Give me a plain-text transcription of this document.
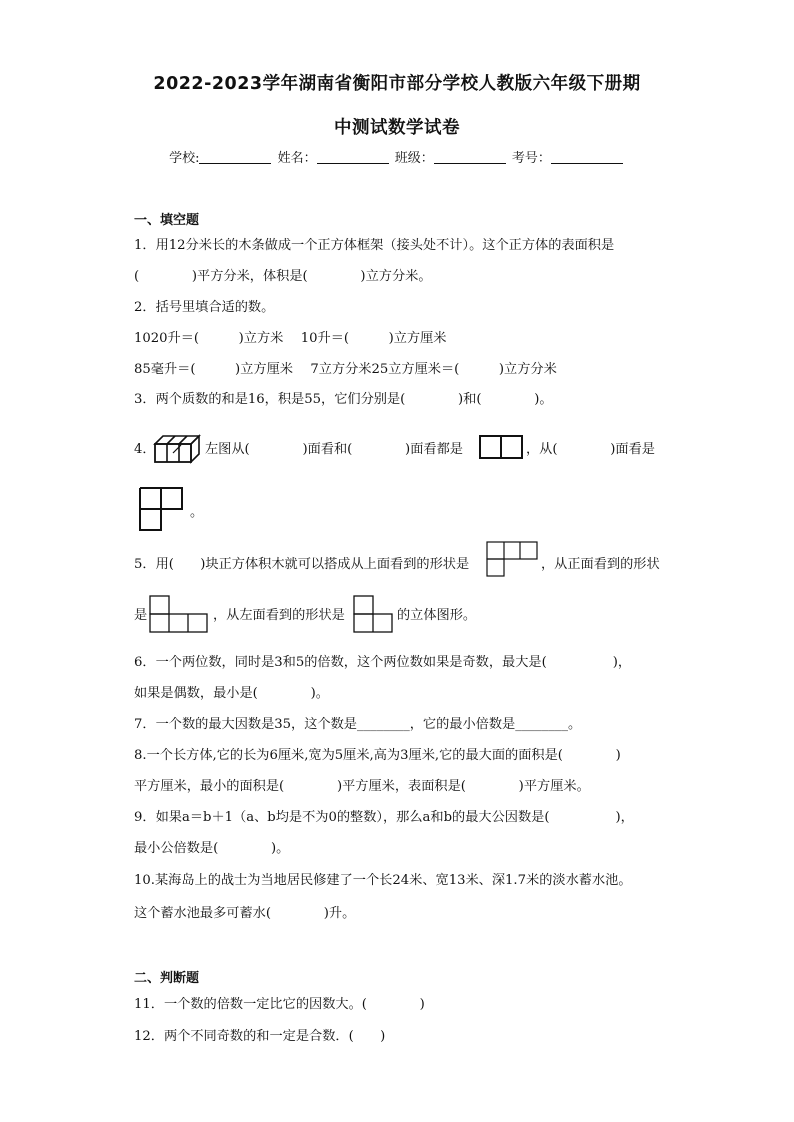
2022-2023学年湖南省衡阳市部分学校人教版六年级下册期
中测试数学试卷
学校:	姓名：	班级：	考号：
一、填空题
1．用12分米长的木条做成一个正方体框架（接头处不计）。这个正方体的表面积是
(　　　　)平方分米，体积是(　　　　)立方分米。
2．括号里填合适的数。
1020升＝(　　　)立方米　 10升＝(　　　)立方厘米
85毫升＝(　　　)立方厘米　 7立方分米25立方厘米＝(　　　)立方分米
3．两个质数的和是16，积是55，它们分别是(　　　　)和(　　　　)。
4．	左图从(　　　　)面看和(　　　　)面看都是	，从(　　　　)面看是
。
5．用(　　)块正方体积木就可以搭成从上面看到的形状是	，从正面看到的形状
是	，从左面看到的形状是	的立体图形。
6．一个两位数，同时是3和5的倍数，这个两位数如果是奇数，最大是(　　　　　)，
如果是偶数，最小是(　　　　)。
7．一个数的最大因数是35，这个数是________，它的最小倍数是________。
8.一个长方体,它的长为6厘米,宽为5厘米,高为3厘米,它的最大面的面积是(　　　　)
平方厘米，最小的面积是(　　　　)平方厘米，表面积是(　　　　)平方厘米。
9．如果a＝b＋1（a、b均是不为0的整数），那么a和b的最大公因数是(　　　　　)，
最小公倍数是(　　　　)。
10.某海岛上的战士为当地居民修建了一个长24米、宽13米、深1.7米的淡水蓄水池。
这个蓄水池最多可蓄水(　　　　)升。
二、判断题
11．一个数的倍数一定比它的因数大。(　　　　)
12．两个不同奇数的和一定是合数．(　　)
